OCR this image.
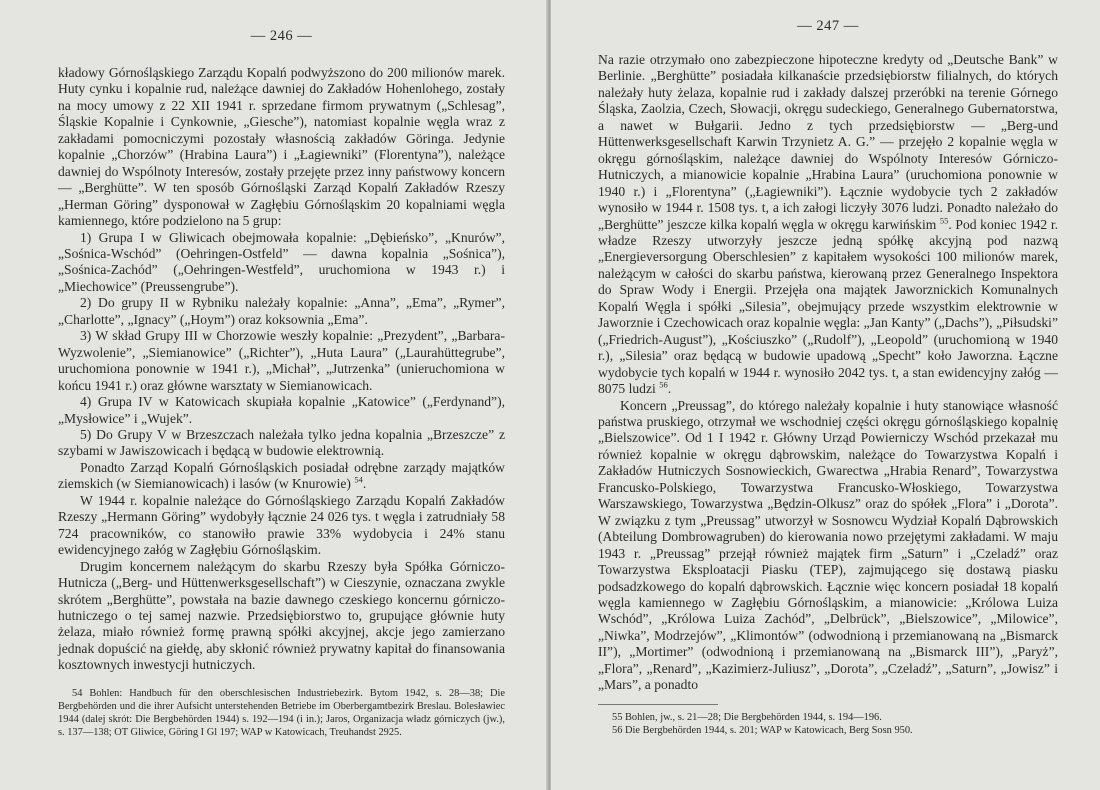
— 246 —

kładowy Górnośląskiego Zarządu Kopalń podwyższono do 200 milionów marek. Huty cynku i kopalnie rud, należące dawniej do Zakładów Hohenlohego, zostały na mocy umowy z 22 XII 1941 r. sprzedane firmom prywatnym („Schlesag”, Śląskie Kopalnie i Cynkownie, „Giesche”), natomiast kopalnie węgla wraz z zakładami pomocniczymi pozostały własnością zakładów Göringa. Jedynie kopalnie „Chorzów” (Hrabina Laura”) i „Łagiewniki” (Florentyna”), należące dawniej do Wspólnoty Interesów, zostały przejęte przez inny państwowy koncern — „Berghütte”. W ten sposób Górnośląski Zarząd Kopalń Zakładów Rzeszy „Herman Göring” dysponował w Zagłębiu Górnośląskim 20 kopalniami węgla kamiennego, które podzielono na 5 grup:

1) Grupa I w Gliwicach obejmowała kopalnie: „Dębieńsko”, „Knurów”, „Sośnica-Wschód” (Oehringen-Ostfeld” — dawna kopalnia „Sośnica”), „Sośnica-Zachód” („Oehringen-Westfeld”, uruchomiona w 1943 r.) i „Miechowice” (Preussengrube”).

2) Do grupy II w Rybniku należały kopalnie: „Anna”, „Ema”, „Rymer”, „Charlotte”, „Ignacy” („Hoym”) oraz koksownia „Ema”.

3) W skład Grupy III w Chorzowie weszły kopalnie: „Prezydent”, „Barbara-Wyzwolenie”, „Siemianowice” („Richter”), „Huta Laura” („Laurahüttegrube”, uruchomiona ponownie w 1941 r.), „Michał”, „Jutrzenka” (unieruchomiona w końcu 1941 r.) oraz główne warsztaty w Siemianowicach.

4) Grupa IV w Katowicach skupiała kopalnie „Katowice” („Ferdynand”), „Mysłowice” i „Wujek”.

5) Do Grupy V w Brzeszczach należała tylko jedna kopalnia „Brzeszcze” z szybami w Jawiszowicach i będącą w budowie elektrownią.

Ponadto Zarząd Kopalń Górnośląskich posiadał odrębne zarządy majątków ziemskich (w Siemianowicach) i lasów (w Knurowie) $^{54}$.

W 1944 r. kopalnie należące do Górnośląskiego Zarządu Kopalń Zakładów Rzeszy „Hermann Göring” wydobyły łącznie 24 026 tys. t węgla i zatrudniały 58 724 pracowników, co stanowiło prawie 33% wydobycia i 24% stanu ewidencyjnego załóg w Zagłębiu Górnośląskim.

Drugim koncernem należącym do skarbu Rzeszy była Spółka Górniczo-Hutnicza („Berg- und Hüttenwerksgesellschaft”) w Cieszynie, oznaczana zwykle skrótem „Berghütte”, powstała na bazie dawnego czeskiego koncernu górniczo-hutniczego o tej samej nazwie. Przedsiębiorstwo to, grupujące głównie huty żelaza, miało również formę prawną spółki akcyjnej, akcje jego zamierzano jednak dopuścić na giełdę, aby skłonić również prywatny kapitał do finansowania kosztownych inwestycji hutniczych.

54 Bohlen: Handbuch für den oberschlesischen Industriebezirk. Bytom 1942, s. 28—38; Die Bergbehörden und die ihrer Aufsicht unterstehenden Betriebe im Oberbergamtbezirk Breslau. Bolesławiec 1944 (dalej skrót: Die Bergbehörden 1944) s. 192—194 (i in.); Jaros, Organizacja władz górniczych (jw.), s. 137—138; OT Gliwice, Göring I Gl 197; WAP w Katowicach, Treuhandst 2925.

— 247 —

Na razie otrzymało ono zabezpieczone hipoteczne kredyty od „Deutsche Bank” w Berlinie. „Berghütte” posiadała kilkanaście przedsiębiorstw filialnych, do których należały huty żelaza, kopalnie rud i zakłady dalszej przeróbki na terenie Górnego Śląska, Zaolzia, Czech, Słowacji, okręgu sudeckiego, Generalnego Gubernatorstwa, a nawet w Bułgarii. Jedno z tych przedsiębiorstw — „Berg-und Hüttenwerksgesellschaft Karwin Trzynietz A. G.” — przejęło 2 kopalnie węgla w okręgu górnośląskim, należące dawniej do Wspólnoty Interesów Górniczo-Hutniczych, a mianowicie kopalnie „Hrabina Laura” (uruchomiona ponownie w 1940 r.) i „Florentyna” („Łagiewniki”). Łącznie wydobycie tych 2 zakładów wynosiło w 1944 r. 1508 tys. t, a ich załogi liczyły 3076 ludzi. Ponadto należało do „Berghütte” jeszcze kilka kopalń węgla w okręgu karwińskim $^{55}$. Pod koniec 1942 r. władze Rzeszy utworzyły jeszcze jedną spółkę akcyjną pod nazwą „Energieversorgung Oberschlesien” z kapitałem wysokości 100 milionów marek, należącym w całości do skarbu państwa, kierowaną przez Generalnego Inspektora do Spraw Wody i Energii. Przejęła ona majątek Jaworznickich Komunalnych Kopalń Węgla i spółki „Silesia”, obejmujący przede wszystkim elektrownie w Jaworznie i Czechowicach oraz kopalnie węgla: „Jan Kanty” („Dachs”), „Piłsudski” („Friedrich-August”), „Kościuszko” („Rudolf”), „Leopold” (uruchomioną w 1940 r.), „Silesia” oraz będącą w budowie upadową „Specht” koło Jaworzna. Łączne wydobycie tych kopalń w 1944 r. wynosiło 2042 tys. t, a stan ewidencyjny załóg — 8075 ludzi $^{56}$.

Koncern „Preussag”, do którego należały kopalnie i huty stanowiące własność państwa pruskiego, otrzymał we wschodniej części okręgu górnośląskiego kopalnię „Bielszowice”. Od 1 I 1942 r. Główny Urząd Powierniczy Wschód przekazał mu również kopalnie w okręgu dąbrowskim, należące do Towarzystwa Kopalń i Zakładów Hutniczych Sosnowieckich, Gwarectwa „Hrabia Renard”, Towarzystwa Francusko-Polskiego, Towarzystwa Francusko-Włoskiego, Towarzystwa Warszawskiego, Towarzystwa „Będzin-Olkusz” oraz do spółek „Flora” i „Dorota”. W związku z tym „Preussag” utworzył w Sosnowcu Wydział Kopalń Dąbrowskich (Abteilung Dombrowagruben) do kierowania nowo przejętymi zakładami. W maju 1943 r. „Preussag” przejął również majątek firm „Saturn” i „Czeladź” oraz Towarzystwa Eksploatacji Piasku (TEP), zajmującego się dostawą piasku podsadzkowego do kopalń dąbrowskich. Łącznie więc koncern posiadał 18 kopalń węgla kamiennego w Zagłębiu Górnośląskim, a mianowicie: „Królowa Luiza Wschód”, „Królowa Luiza Zachód”, „Delbrück”, „Bielszowice”, „Milowice”, „Niwka”, Modrzejów”, „Klimontów” (odwodnioną i przemianowaną na „Bismarck II”), „Mortimer” (odwodnioną i przemianowaną na „Bismarck III”), „Paryż”, „Flora”, „Renard”, „Kazimierz-Juliusz”, „Dorota”, „Czeladź”, „Saturn”, „Jowisz” i „Mars”, a ponadto

55 Bohlen, jw., s. 21—28; Die Bergbehörden 1944, s. 194—196.

56 Die Bergbehörden 1944, s. 201; WAP w Katowicach, Berg Sosn 950.
